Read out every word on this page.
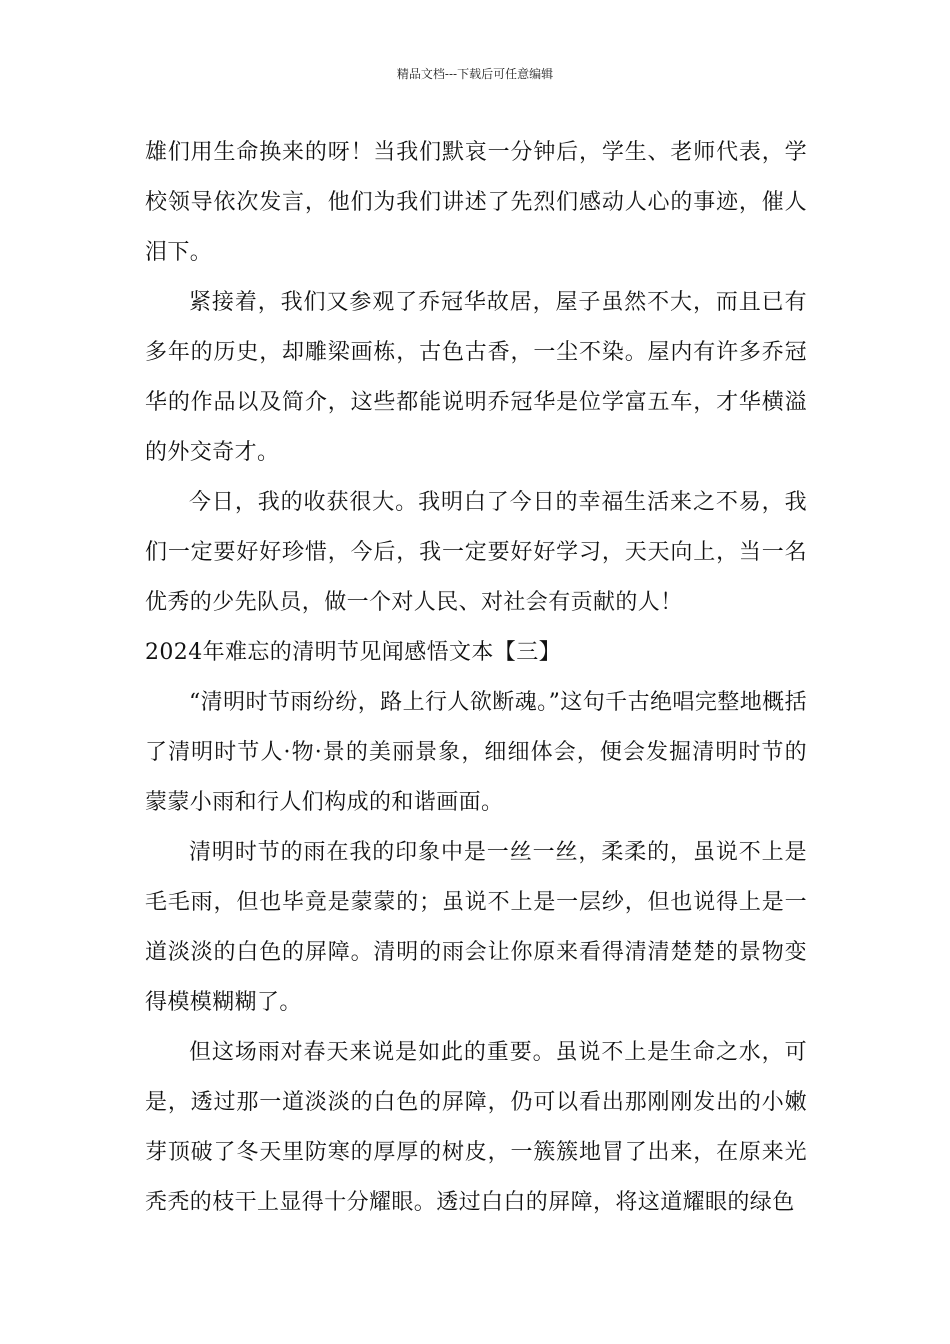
精品文档---下载后可任意编辑

雄们用生命换来的呀！当我们默哀一分钟后，学生、老师代表，学校领导依次发言，他们为我们讲述了先烈们感动人心的事迹，催人泪下。

紧接着，我们又参观了乔冠华故居，屋子虽然不大，而且已有多年的历史，却雕梁画栋，古色古香，一尘不染。屋内有许多乔冠华的作品以及简介，这些都能说明乔冠华是位学富五车，才华横溢的外交奇才。

今日，我的收获很大。我明白了今日的幸福生活来之不易，我们一定要好好珍惜，今后，我一定要好好学习，天天向上，当一名优秀的少先队员，做一个对人民、对社会有贡献的人！

2024年难忘的清明节见闻感悟文本【三】

“清明时节雨纷纷，路上行人欲断魂。”这句千古绝唱完整地概括了清明时节人·物·景的美丽景象，细细体会，便会发掘清明时节的蒙蒙小雨和行人们构成的和谐画面。

清明时节的雨在我的印象中是一丝一丝，柔柔的，虽说不上是毛毛雨，但也毕竟是蒙蒙的；虽说不上是一层纱，但也说得上是一道淡淡的白色的屏障。清明的雨会让你原来看得清清楚楚的景物变得模模糊糊了。

但这场雨对春天来说是如此的重要。虽说不上是生命之水，可是，透过那一道淡淡的白色的屏障，仍可以看出那刚刚发出的小嫩芽顶破了冬天里防寒的厚厚的树皮，一簇簇地冒了出来，在原来光秃秃的枝干上显得十分耀眼。透过白白的屏障，将这道耀眼的绿色
